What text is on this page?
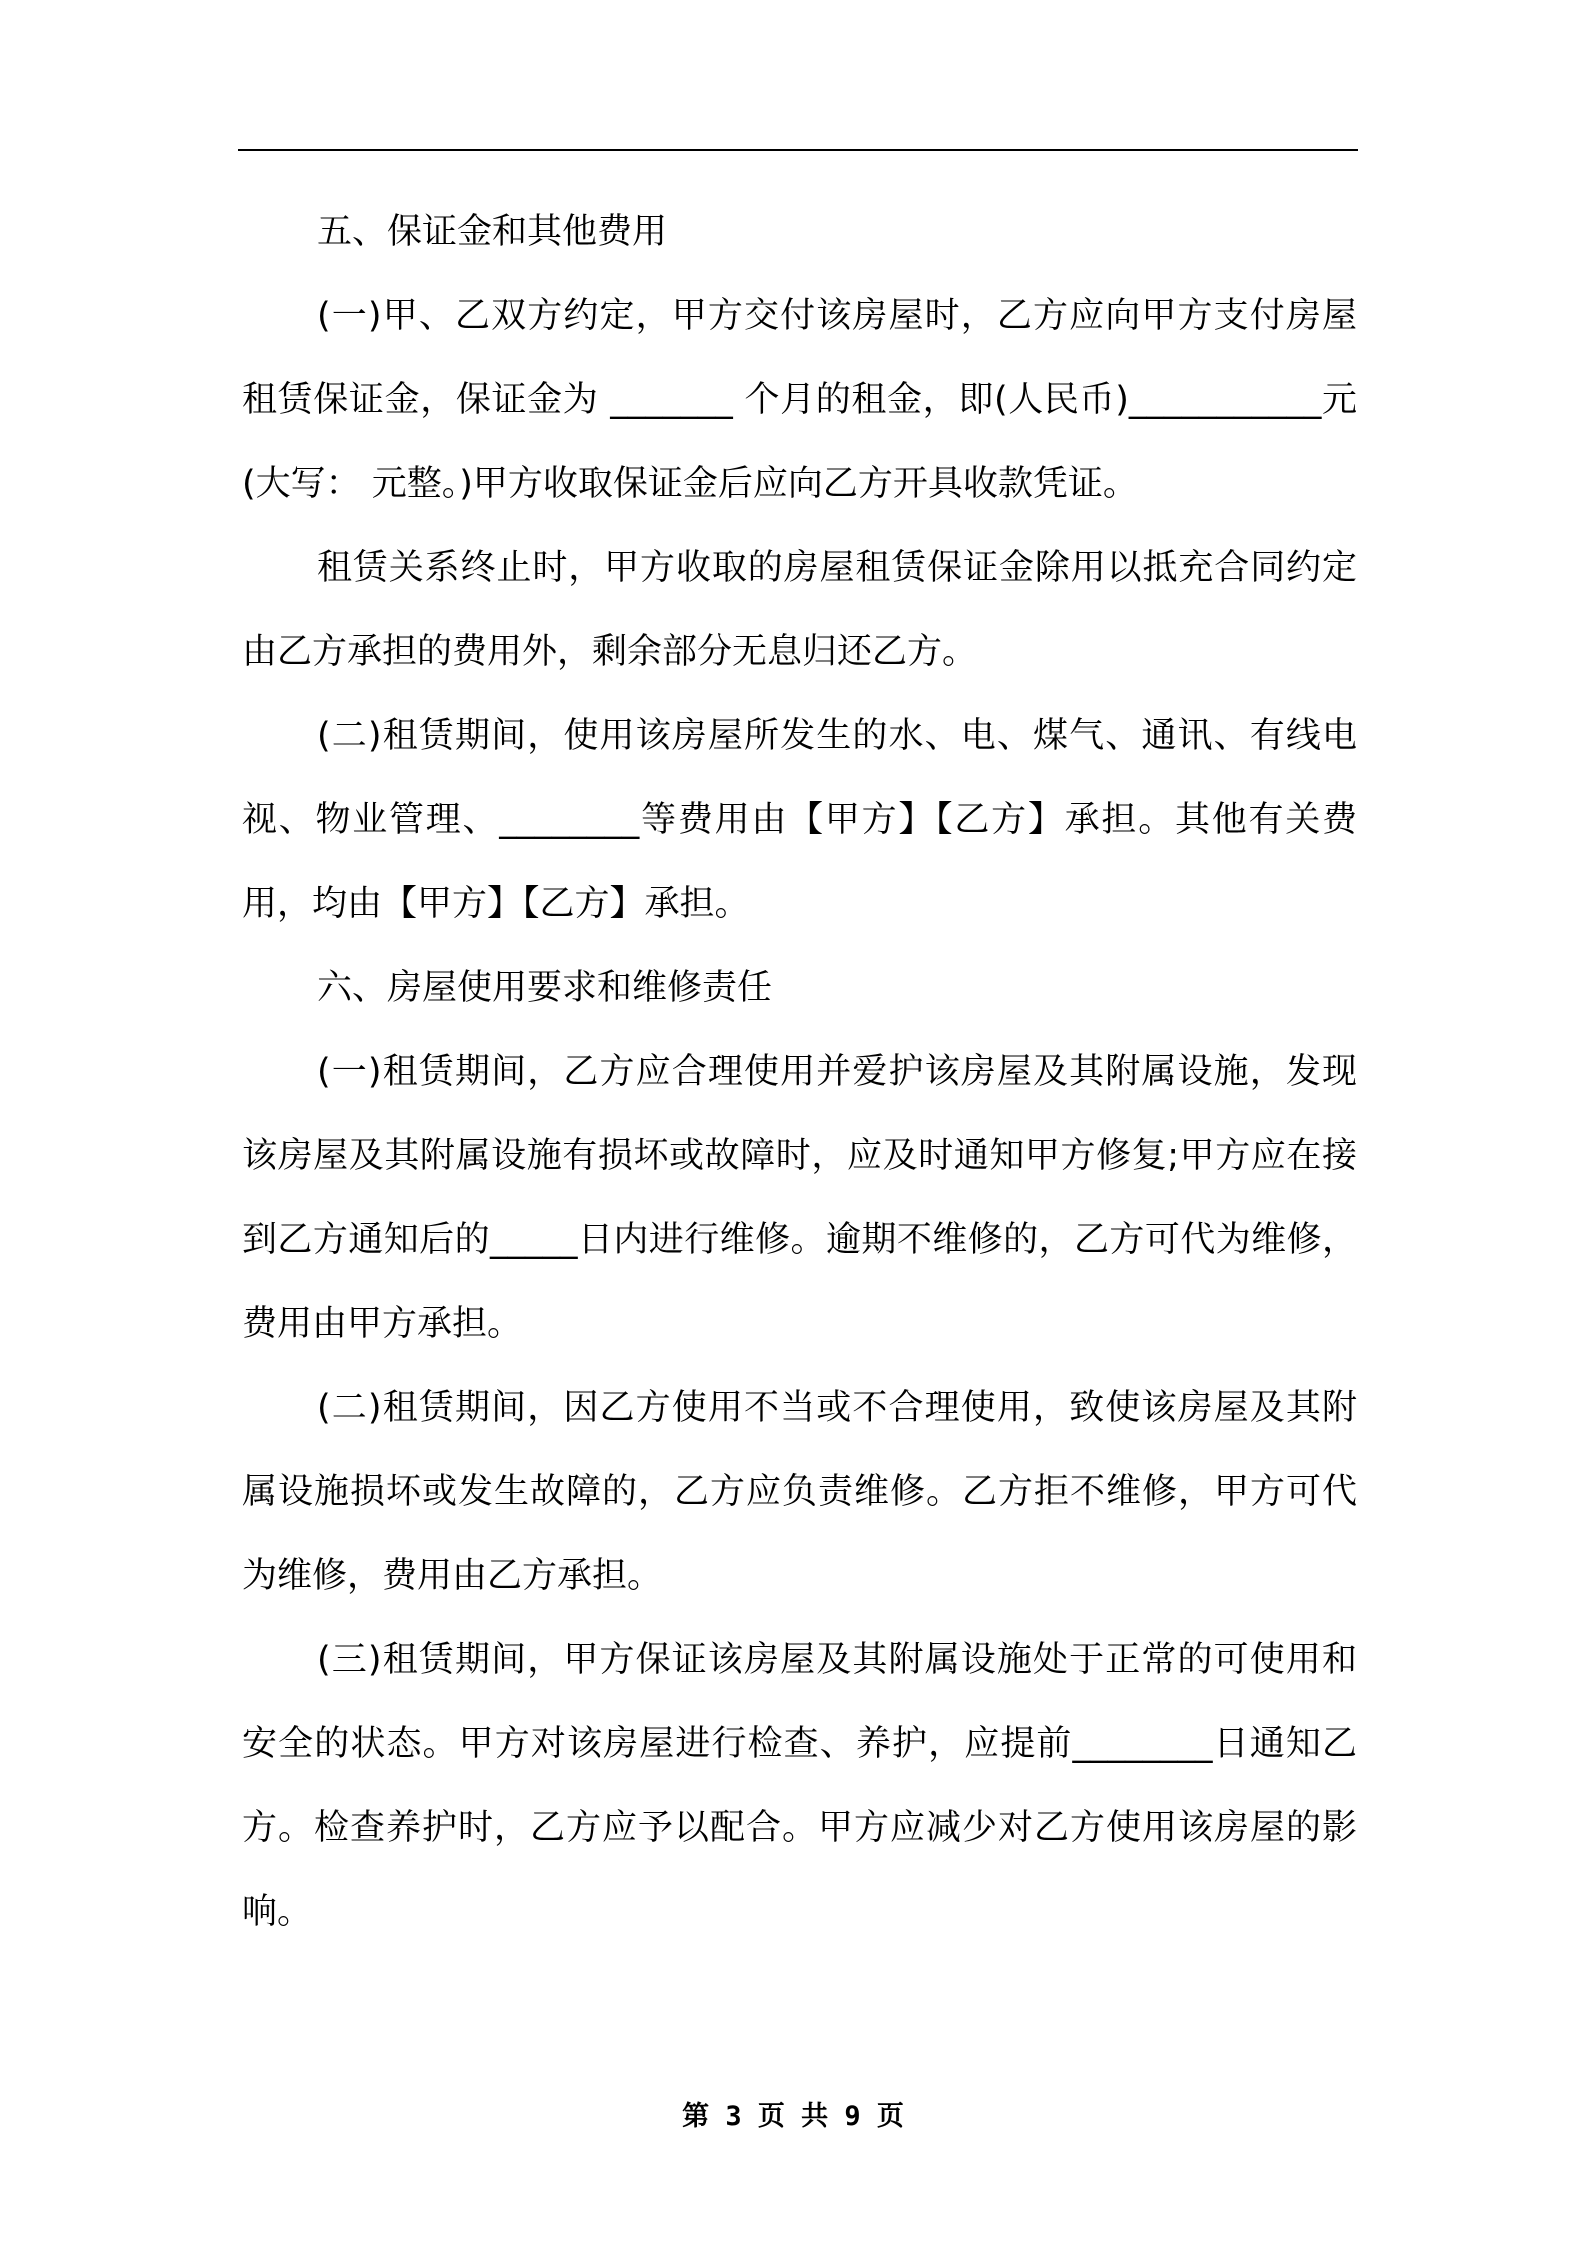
五、保证金和其他费用

(一)甲、乙双方约定，甲方交付该房屋时，乙方应向甲方支付房屋租赁保证金，保证金为 _______ 个月的租金，即(人民币)___________元(大写： 元整。)甲方收取保证金后应向乙方开具收款凭证。

租赁关系终止时，甲方收取的房屋租赁保证金除用以抵充合同约定由乙方承担的费用外，剩余部分无息归还乙方。

(二)租赁期间，使用该房屋所发生的水、电、煤气、通讯、有线电视、物业管理、________等费用由【甲方】【乙方】承担。其他有关费用，均由【甲方】【乙方】承担。

六、房屋使用要求和维修责任

(一)租赁期间，乙方应合理使用并爱护该房屋及其附属设施，发现该房屋及其附属设施有损坏或故障时，应及时通知甲方修复;甲方应在接到乙方通知后的_____日内进行维修。逾期不维修的，乙方可代为维修，费用由甲方承担。

(二)租赁期间，因乙方使用不当或不合理使用，致使该房屋及其附属设施损坏或发生故障的，乙方应负责维修。乙方拒不维修，甲方可代为维修，费用由乙方承担。

(三)租赁期间，甲方保证该房屋及其附属设施处于正常的可使用和安全的状态。甲方对该房屋进行检查、养护，应提前________日通知乙方。检查养护时，乙方应予以配合。甲方应减少对乙方使用该房屋的影响。

第 3 页 共 9 页
